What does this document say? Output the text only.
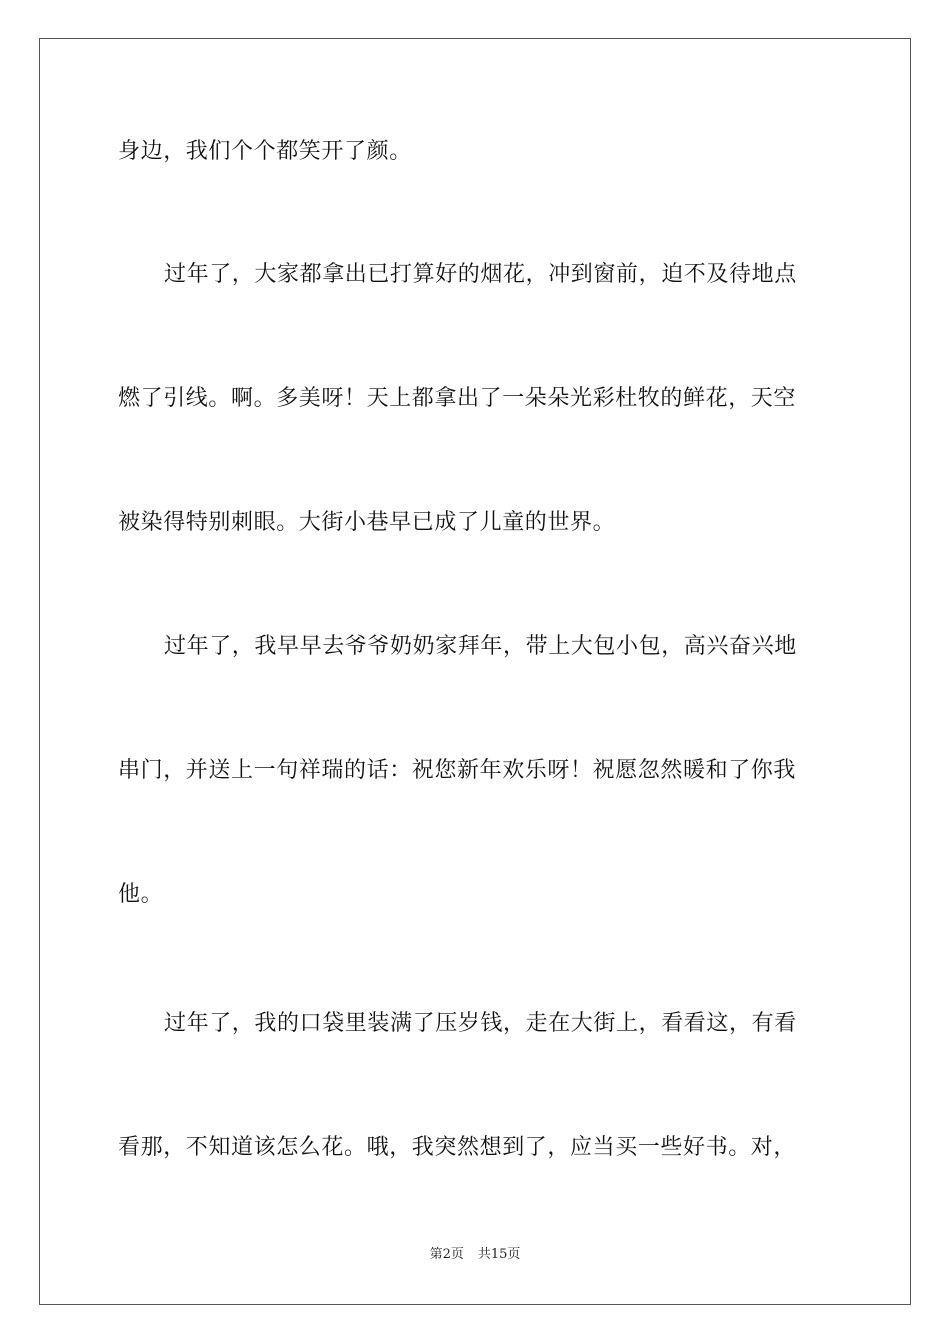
身边，我们个个都笑开了颜。
过年了，大家都拿出已打算好的烟花，冲到窗前，迫不及待地点
燃了引线。啊。多美呀！天上都拿出了一朵朵光彩杜牧的鲜花，天空
被染得特别刺眼。大街小巷早已成了儿童的世界。
过年了，我早早去爷爷奶奶家拜年，带上大包小包，高兴奋兴地
串门，并送上一句祥瑞的话：祝您新年欢乐呀！祝愿忽然暖和了你我
他。
过年了，我的口袋里装满了压岁钱，走在大街上，看看这，有看
看那，不知道该怎么花。哦，我突然想到了，应当买一些好书。对，
第2页 共15页
